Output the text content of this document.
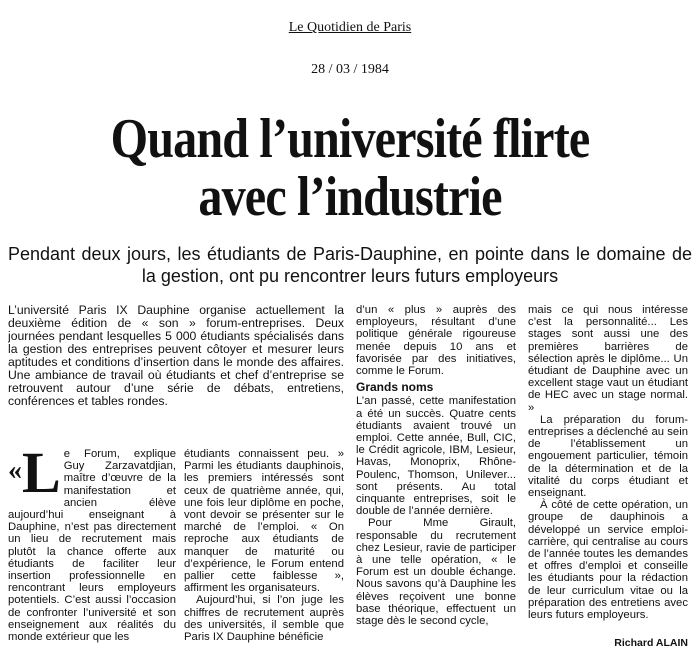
Le Quotidien de Paris
28 / 03 / 1984
Quand l’université flirte
avec l’industrie
Pendant deux jours, les étudiants de Paris-Dauphine, en pointe dans le domaine de la gestion, ont pu rencontrer leurs futurs employeurs
L’université Paris IX Dauphine organise actuellement la deuxième édition de « son » forum-entreprises. Deux journées pendant lesquelles 5 000 étudiants spécialisés dans la gestion des entreprises peuvent côtoyer et mesurer leurs aptitudes et conditions d’insertion dans le monde des affaires. Une ambiance de travail où étudiants et chef d’entreprise se retrouvent autour d’une série de débats, entretiens, conférences et tables rondes.
«L e Forum, explique Guy Zarzavatdjian, maître d’œuvre de la manifestation et ancien élève aujourd’hui enseignant à Dauphine, n’est pas directement un lieu de recrutement mais plutôt la chance offerte aux étudiants de faciliter leur insertion professionnelle en rencontrant leurs employeurs potentiels. C’est aussi l’occasion de confronter l’université et son enseignement aux réalités du monde extérieur que les

étudiants connaissent peu. » Parmi les étudiants dauphinois, les premiers intéressés sont ceux de quatrième année, qui, une fois leur diplôme en poche, vont devoir se présenter sur le marché de l’emploi. « On reproche aux étudiants de manquer de maturité ou d’expérience, le Forum entend pallier cette faiblesse », affirment les organisateurs.

Aujourd’hui, si l’on juge les chiffres de recrutement auprès des universités, il semble que Paris IX Dauphine bénéficie

d’un « plus » auprès des employeurs, résultant d’une politique générale rigoureuse menée depuis 10 ans et favorisée par des initiatives, comme le Forum.

Grands noms

L’an passé, cette manifestation a été un succès. Quatre cents étudiants avaient trouvé un emploi. Cette année, Bull, CIC, le Crédit agricole, IBM, Lesieur, Havas, Monoprix, Rhône-Poulenc, Thomson, Unilever... sont présents. Au total cinquante entreprises, soit le double de l’année dernière.

Pour Mme Girault, responsable du recrutement chez Lesieur, ravie de participer à une telle opération, « le Forum est un double échange. Nous savons qu’à Dauphine les élèves reçoivent une bonne base théorique, effectuent un stage dès le second cycle,

mais ce qui nous intéresse c’est la personnalité... Les stages sont aussi une des premières barrières de sélection après le diplôme... Un étudiant de Dauphine avec un excellent stage vaut un étudiant de HEC avec un stage normal. »

La préparation du forum-entreprises a déclenché au sein de l’établissement un engouement particulier, témoin de la détermination et de la vitalité du corps étudiant et enseignant.

À côté de cette opération, un groupe de dauphinois a développé un service emploi-carrière, qui centralise au cours de l’année toutes les demandes et offres d’emploi et conseille les étudiants pour la rédaction de leur curriculum vitae ou la préparation des entretiens avec leurs futurs employeurs.

Richard ALAIN
